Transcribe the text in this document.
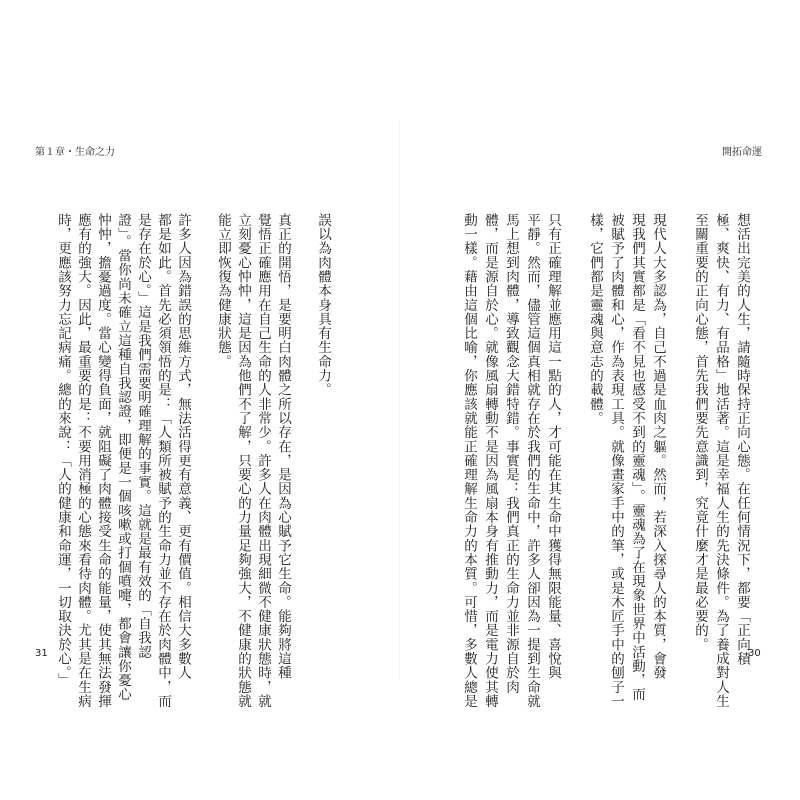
第１章・生命之力	開拓命運
誤以為肉體本身具有生命力。
真正的開悟，是要明白肉體之所以存在，是因為心賦予它生命。能夠將這種
覺悟正確應用在自己生命的人非常少。許多人在肉體出現細微不健康狀態時，就
立刻憂心忡忡，這是因為他們不了解，只要心的力量足夠強大，不健康的狀態就
能立即恢復為健康狀態。
許多人因為錯誤的思維方式，無法活得更有意義、更有價值。相信大多數人
都是如此。首先必須領悟的是：「人類所被賦予的生命力並不存在於肉體中，而
是存在於心。」這是我們需要明確理解的事實。這就是最有效的「自我認
證」。當你尚未確立這種自我認證，即便是一個咳嗽或打個噴嚏，都會讓你憂心
忡忡，擔憂過度。當心變得負面，就阻礙了肉體接受生命的能量，使其無法發揮
應有的強大。因此，最重要的是：不要用消極的心態來看待肉體。尤其是在生病
時，更應該努力忘記病痛。總的來說：「人的健康和命運，一切取決於心。」	想活出完美的人生，請隨時保持正向心態。在任何情況下，都要「正向積
極、爽快、有力、有品格」地活著。這是幸福人生的先決條件。為了養成對人生
至關重要的正向心態，首先我們要先意識到，究竟什麼才是最必要的。
現代人大多認為，自己不過是血肉之軀。然而，若深入探尋人的本質，會發
現我們其實都是「看不見也感受不到的靈魂」。靈魂為了在現象世界中活動，而
被賦予了肉體和心，作為表現工具。就像畫家手中的筆，或是木匠手中的刨子一
樣，它們都是靈魂與意志的載體。
只有正確理解並應用這一點的人，才可能在其生命中獲得無限能量、喜悅與
平靜。然而，儘管這個真相就存在於我們的生命中，許多人卻因為一提到生命就
馬上想到肉體，導致觀念大錯特錯。事實是：我們真正的生命力並非源自於肉
體，而是源自於心。就像風扇轉動不是因為風扇本身有推動力，而是電力使其轉
動一樣。藉由這個比喻，你應該就能正確理解生命力的本質。可惜，多數人總是
31	30
